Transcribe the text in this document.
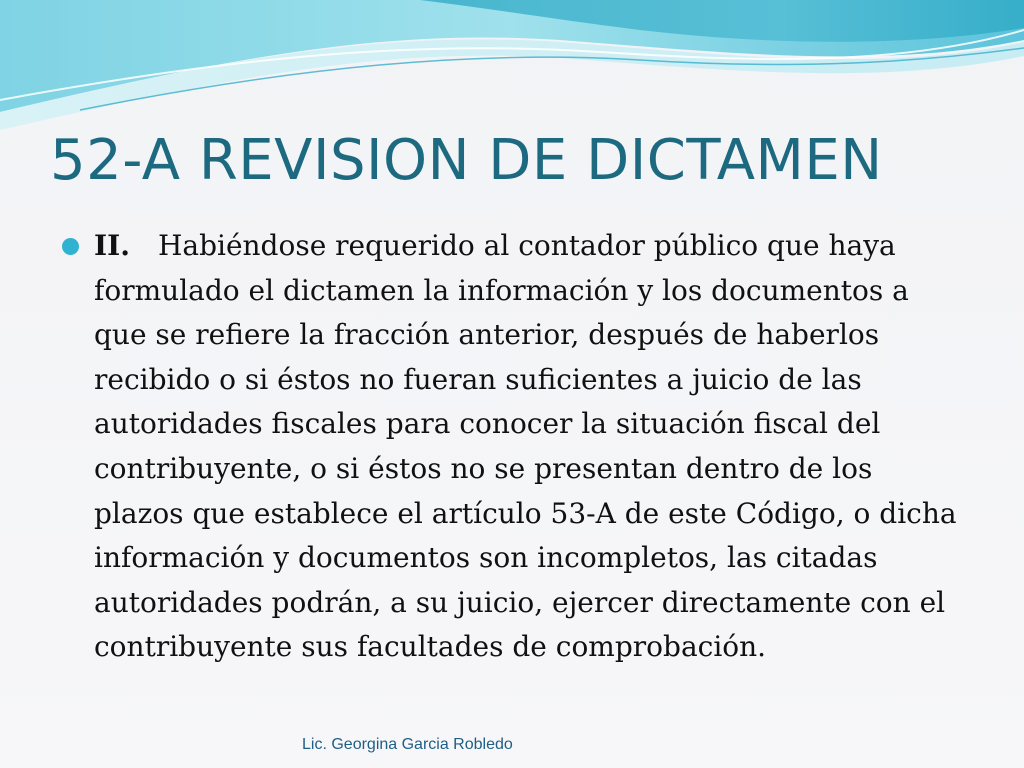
52-A REVISION DE DICTAMEN

II. Habiéndose requerido al contador público que haya formulado el dictamen la información y los documentos a que se refiere la fracción anterior, después de haberlos recibido o si éstos no fueran suficientes a juicio de las autoridades fiscales para conocer la situación fiscal del contribuyente, o si éstos no se presentan dentro de los plazos que establece el artículo 53-A de este Código, o dicha información y documentos son incompletos, las citadas autoridades podrán, a su juicio, ejercer directamente con el contribuyente sus facultades de comprobación.

Lic. Georgina Garcia Robledo
